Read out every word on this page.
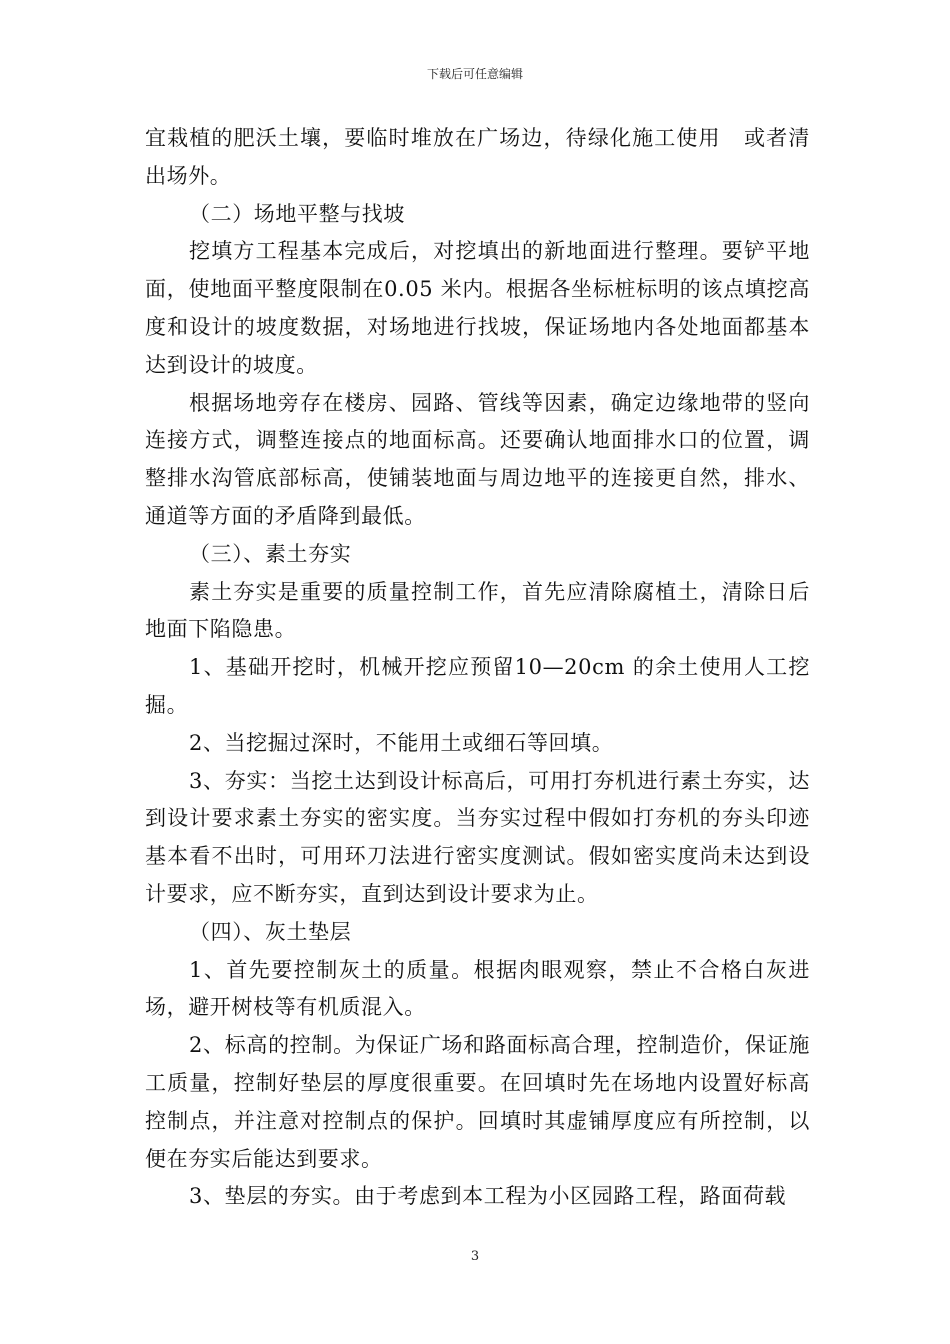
下载后可任意编辑

宜栽植的肥沃土壤，要临时堆放在广场边，待绿化施工使用   或者清出场外。

（二）场地平整与找坡

挖填方工程基本完成后，对挖填出的新地面进行整理。要铲平地面，使地面平整度限制在0.05 米内。根据各坐标桩标明的该点填挖高度和设计的坡度数据，对场地进行找坡，保证场地内各处地面都基本达到设计的坡度。

根据场地旁存在楼房、园路、管线等因素，确定边缘地带的竖向连接方式，调整连接点的地面标高。还要确认地面排水口的位置，调整排水沟管底部标高，使铺装地面与周边地平的连接更自然，排水、通道等方面的矛盾降到最低。

（三）、素土夯实

素土夯实是重要的质量控制工作，首先应清除腐植土，清除日后地面下陷隐患。

1、基础开挖时，机械开挖应预留10—20cm 的余土使用人工挖掘。

2、当挖掘过深时，不能用土或细石等回填。

3、夯实：当挖土达到设计标高后，可用打夯机进行素土夯实，达到设计要求素土夯实的密实度。当夯实过程中假如打夯机的夯头印迹基本看不出时，可用环刀法进行密实度测试。假如密实度尚未达到设计要求，应不断夯实，直到达到设计要求为止。

（四）、灰土垫层

1、首先要控制灰土的质量。根据肉眼观察，禁止不合格白灰进场，避开树枝等有机质混入。

2、标高的控制。为保证广场和路面标高合理，控制造价，保证施工质量，控制好垫层的厚度很重要。在回填时先在场地内设置好标高控制点，并注意对控制点的保护。回填时其虚铺厚度应有所控制，以便在夯实后能达到要求。

3、垫层的夯实。由于考虑到本工程为小区园路工程，路面荷载

3
